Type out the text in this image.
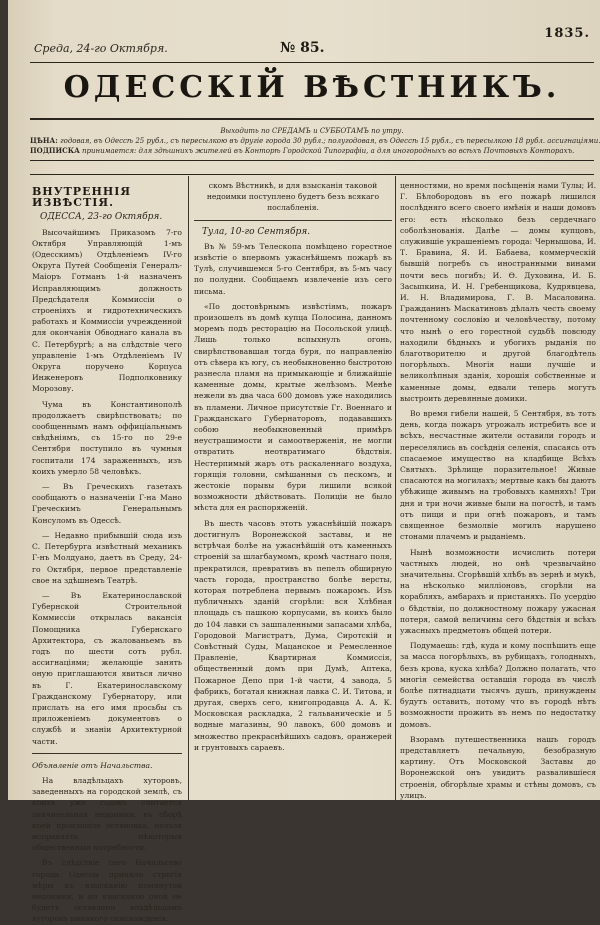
Среда, 24-го Октября.	№ 85.
1835.
ОДЕССКІЙ ВѢСТНИКЪ.
Выходить по СРЕДАМЪ и СУББОТАМЪ по утру.
ЦѢНА: годовая, въ Одессѣ 25 рубл., съ пересылкою въ другіе города 30 рубл.; полугодовая, въ Одессѣ 15 рубл., съ пересылкою 18 рубл. ассигнаціями.
ПОДПИСКА принимается: для здѣшнихъ жителей въ Конторѣ Городской Типографіи, а для иногородныхъ во всѣхъ Почтовыхъ Конторахъ.
ВНУТРЕННІЯ ИЗВѢСТІЯ.
ОДЕССА, 23-го Октября.

Высочайшимъ Приказомъ 7-го Октября Управляющій 1-мъ (Одесскимъ) Отдѣленіемъ IV-го Округа Путей Сообщенія Генералъ-Маіоръ Готманъ 1-й назначенъ Исправляющимъ должность Предсѣдателя Коммиссіи о строеніяхъ и гидротехническихъ работахъ и Коммиссіи учрежденной для окончанія Обводнаго канала въ С. Петербургѣ; а на слѣдствіе чего управленіе 1-мъ Отдѣленіемъ IV Округа поручено Корпуса Инженеровъ Подполковнику Морозову.

Чума въ Константинополѣ продолжаетъ свирѣпствовать; по сообщеннымъ намъ оффиціальнымъ свѣдѣніямъ, съ 15-го по 29-е Сентября поступило въ чумныя госпитали 174 зараженныхъ, изъ коихъ умерло 58 человѣкъ.

— Въ Греческихъ газетахъ сообщаютъ о назначеніи Г-на Мано Греческимъ Генеральнымъ Консуломъ въ Одессѣ.

— Недавно прибывшій сюда изъ С. Петербурга извѣстный механикъ Г-нъ Молдуано, даетъ въ Среду, 24-го Октября, первое представленіе свое на здѣшнемъ Театрѣ.

— Въ Екатеринославской Губернской Строительной Коммиссіи открылась вакансія Помощника Губернскаго Архитектора, съ жалованьемъ въ годъ по шести сотъ рубл. ассигнаціями; желающіе занять оную приглашаются явиться лично въ Г. Екатеринославскому Гражданскому Губернатору, или прислать на его имя просьбы съ приложеніемъ документовъ о службѣ и знаніи Архитектурной части.

Объявленіе отъ Начальства.

На владѣльцахъ хуторовъ, заведенныхъ на городской землѣ, съ коихъ уже годовъ считается значительная недоимка, въ сборѣ коей произошло остановка, нельзя исправлять нѣкоторыя общественныя потребности.

Въ слѣдствіе сего Начальство города Одессы приняло строгія мѣры къ взысканію помянутой недоимки, и по взысканію оной не будетъ оставлено владѣльцамъ хуторовъ никакого снисхожденія.

скомъ Вѣстникѣ, и для взысканія таковой недоимки поступлено будетъ безъ всякаго послабленія.

Тула, 10-го Сентября.

Въ № 59-мъ Телескопа помѣщено горестное извѣстіе о впервомъ ужаснѣйшемъ пожарѣ въ Тулѣ, случившемся 5-го Сентября, въ 5-мъ часу по полудни. Сообщаемъ извлеченіе изъ сего письма.

«По достовѣрнымъ извѣстіямъ, пожаръ произошелъ въ домѣ купца Полосина, данномъ моремъ подъ ресторацію на Посольской улицѣ. Лишь только вспыхнулъ огонь, свирѣпствовавшая тогда буря, по направленію отъ сѣвера къ югу, съ необыкновенно быстротою разнесла пламя на примыкающіе и ближайшіе каменные домы, крытые желѣзомъ. Менѣе нежели въ два часа 600 домовъ уже находились въ пламени. Личное присутствіе Гг. Военнаго и Гражданскаго Губернаторовъ, подававшихъ собою необыкновенный примѣръ неустрашимости и самоотверженія, не могли отвратить неотвратимаго бѣдствія. Нестерпимый жаръ отъ раскаленнаго воздуха, горящія головни, смѣшанныя съ пескомъ, и жестокіе порывы бури лишили всякой возможности дѣйствовать. Полиціи не было мѣста для ея распоряженій.

Въ шесть часовъ этотъ ужаснѣйшій пожаръ достигнулъ Воронежской заставы, и не встрѣчая болѣе на ужаснѣйшій отъ каменныхъ строеній за шлагбаумомъ, кромѣ частнаго поля, прекратился, превративъ въ пепелъ обширную часть города, пространство болѣе версты, которая потреблена первымъ пожаромъ. Изъ публичныхъ зданій сгорѣли: вся Хлѣбная площадь съ пашкою корпусами, въ коихъ было до 104 лавки съ зашпаленными запасами хлѣба, Городовой Магистратъ, Дума, Сиротскій и Совѣстный Суды, Мацанское и Ремесленное Правленіе, Квартирная Коммиссія, общественный домъ при Думѣ, Аптека, Пожарное Депо при 1-й части, 4 завода, 5 фабрикъ, богатая книжная лавка С. И. Титова, и другая, сверхъ сего, книгопродавца А. А. К. Московская раскладка, 2 гальваническіе и 5 водные магазины, 90 лавокъ, 600 домовъ и множество прекраснѣйшихъ садовъ, оранжерей и грунтовыхъ сараевъ.

ценностями, но время посѣщенія нами Тулы; И. Г. Бѣлобородовъ въ его пожарѣ лишился послѣдняго всего своего имѣнія и наши домовъ его: есть нѣсколько безъ сердечнаго соболѣзнованія. Далѣе — домы купцовъ, служившіе украшеніемъ города: Чернышова, И. Т. Бравина, Я. И. Бабаева, коммерческій бывшій погребъ съ иностранными винами почти весь погибъ; И. Ѳ. Духовина, И. Б. Засыпкина, И. Н. Гребенщикова, Кудрявцева, И. Н. Владимирова, Г. В. Масаловина. Гражданинъ Маскатиновъ дѣлалъ честь своему почтенному сословію и человѣчеству, потому что нынѣ о его горестной судьбѣ повсюду находили бѣдныхъ и убогихъ рыданія по благотворителю и другой благодѣтель погорѣлыхъ. Многія наши лучшіе и великолѣпныя зданія, хорошія собственные и каменные домы, едвали теперь могутъ выстроить деревянные домики.

Во время гибели нашей, 5 Сентября, въ тотъ день, когда пожаръ угрожалъ истребить все и всѣхъ, несчастные жители оставили городъ и переселялись въ сосѣднія селенія, спасаясь отъ спасаемое имущество на кладбище Всѣхъ Святыхъ. Зрѣлище поразительное! Живые спасаются на могилахъ; мертвые какъ бы даютъ убѣжище живымъ на гробовыхъ камняхъ! Три дня и три ночи живые были на погостѣ, и тамъ отъ пищи и при огнѣ пожаровъ, и тамъ священное безмолвіе могилъ нарушено стонами плачемъ и рыданіемъ.

Нынѣ возможности исчислить потери частныхъ людей, но онѣ чрезвычайно значительны. Сгорѣвшій хлѣбъ въ зернѣ и мукѣ, на нѣсколько милліоновъ, сгорѣли на корабляхъ, амбарахъ и пристаняхъ. По усердію о бѣдствіи, по должностному пожару ужасная потеря, самой величины сего бѣдствія и всѣхъ ужасныхъ предметовъ общей потери.

Подумаешь: гдѣ, куда и кому поспѣшить еще за масса погорѣлыхъ, въ рубищахъ, голодныхъ, безъ крова, куска хлѣба? Должно полагать, что многія семейства оставшія города въ числѣ болѣе пятнадцати тысячъ душъ, принуждены будутъ оставить, потому что въ городѣ нѣтъ возможности прожить въ немъ по недостатку домовъ.

Взорамъ путешественника нашъ городъ представляетъ печальную, безобразную картину. Отъ Московской Заставы до Воронежской онъ увидитъ развалившіеся строенія, обгорѣлые храмы и стѣны домовъ, съ улицъ.
